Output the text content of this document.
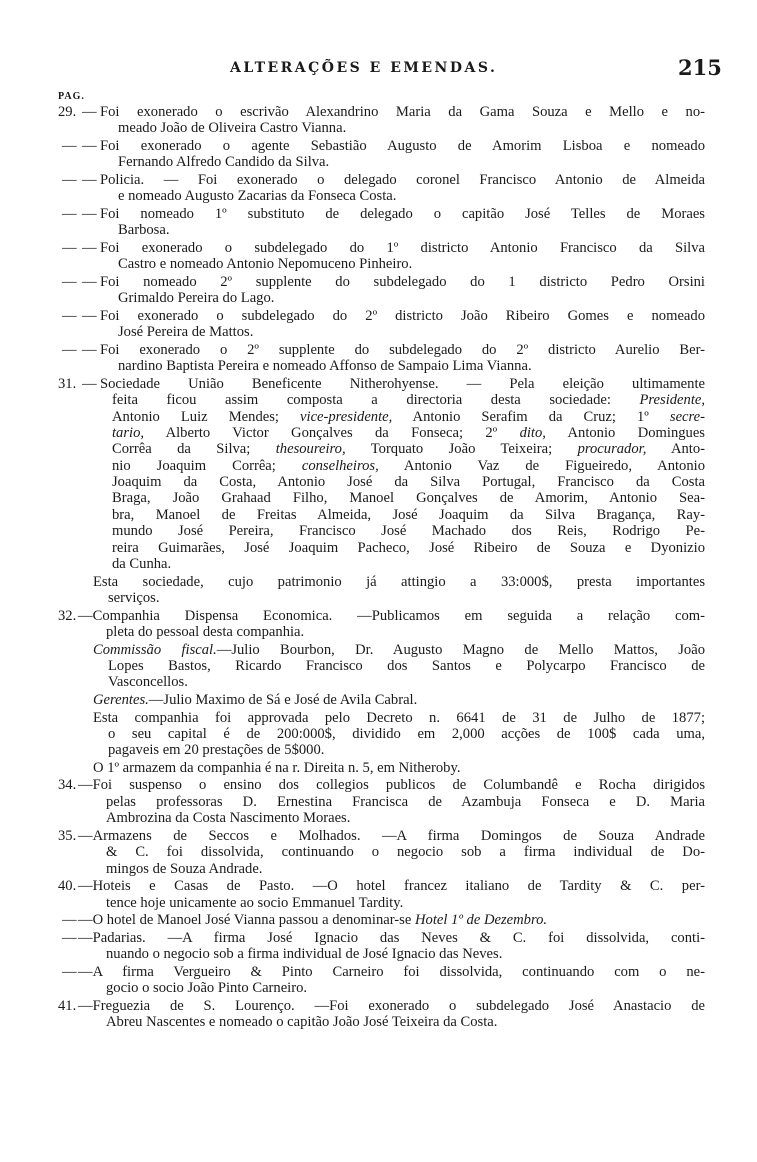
ALTERAÇÕES E EMENDAS.	215
PAG.
29. — Foi exonerado o escrivão Alexandrino Maria da Gama Souza e Mello e no-
meado João de Oliveira Castro Vianna.
— — Foi exonerado o agente Sebastião Augusto de Amorim Lisboa e nomeado
Fernando Alfredo Candido da Silva.
— — Policia. — Foi exonerado o delegado coronel Francisco Antonio de Almeida
e nomeado Augusto Zacarias da Fonseca Costa.
— — Foi nomeado 1º substituto de delegado o capitão José Telles de Moraes
Barbosa.
— — Foi exonerado o subdelegado do 1º districto Antonio Francisco da Silva
Castro e nomeado Antonio Nepomuceno Pinheiro.
— — Foi nomeado 2º supplente do subdelegado do 1 districto Pedro Orsini
Grimaldo Pereira do Lago.
— — Foi exonerado o subdelegado do 2º districto João Ribeiro Gomes e nomeado
José Pereira de Mattos.
— — Foi exonerado o 2º supplente do subdelegado do 2º districto Aurelio Ber-
nardino Baptista Pereira e nomeado Affonso de Sampaio Lima Vianna.
31. — Sociedade União Beneficente Nitherohyense. — Pela eleição ultimamente
feita ficou assim composta a directoria desta sociedade: Presidente,
Antonio Luiz Mendes; vice-presidente, Antonio Serafim da Cruz; 1º secre-
tario, Alberto Victor Gonçalves da Fonseca; 2º dito, Antonio Domingues
Corrêa da Silva; thesoureiro, Torquato João Teixeira; procurador, Anto-
nio Joaquim Corrêa; conselheiros, Antonio Vaz de Figueiredo, Antonio
Joaquim da Costa, Antonio José da Silva Portugal, Francisco da Costa
Braga, João Grahaad Filho, Manoel Gonçalves de Amorim, Antonio Sea-
bra, Manoel de Freitas Almeida, José Joaquim da Silva Bragança, Ray-
mundo José Pereira, Francisco José Machado dos Reis, Rodrigo Pe-
reira Guimarães, José Joaquim Pacheco, José Ribeiro de Souza e Dyonizio
da Cunha.
Esta sociedade, cujo patrimonio já attingio a 33:000$, presta importantes
serviços.
32. —Companhia Dispensa Economica. —Publicamos em seguida a relação com-
pleta do pessoal desta companhia.
Commissão fiscal.—Julio Bourbon, Dr. Augusto Magno de Mello Mattos, João
Lopes Bastos, Ricardo Francisco dos Santos e Polycarpo Francisco de
Vasconcellos.
Gerentes.—Julio Maximo de Sá e José de Avila Cabral.
Esta companhia foi approvada pelo Decreto n. 6641 de 31 de Julho de 1877;
o seu capital é de 200:000$, dividido em 2,000 acções de 100$ cada uma,
pagaveis em 20 prestações de 5$000.
O 1º armazem da companhia é na r. Direita n. 5, em Nitheroby.
34. —Foi suspenso o ensino dos collegios publicos de Columbandê e Rocha dirigidos
pelas professoras D. Ernestina Francisca de Azambuja Fonseca e D. Maria
Ambrozina da Costa Nascimento Moraes.
35. —Armazens de Seccos e Molhados. —A firma Domingos de Souza Andrade
& C. foi dissolvida, continuando o negocio sob a firma individual de Do-
mingos de Souza Andrade.
40. —Hoteis e Casas de Pasto. —O hotel francez italiano de Tardity & C. per-
tence hoje unicamente ao socio Emmanuel Tardity.
— —O hotel de Manoel José Vianna passou a denominar-se Hotel 1º de Dezembro.
— —Padarias. —A firma José Ignacio das Neves & C. foi dissolvida, conti-
nuando o negocio sob a firma individual de José Ignacio das Neves.
— —A firma Vergueiro & Pinto Carneiro foi dissolvida, continuando com o ne-
gocio o socio João Pinto Carneiro.
41. —Freguezia de S. Lourenço. —Foi exonerado o subdelegado José Anastacio de
Abreu Nascentes e nomeado o capitão João José Teixeira da Costa.
